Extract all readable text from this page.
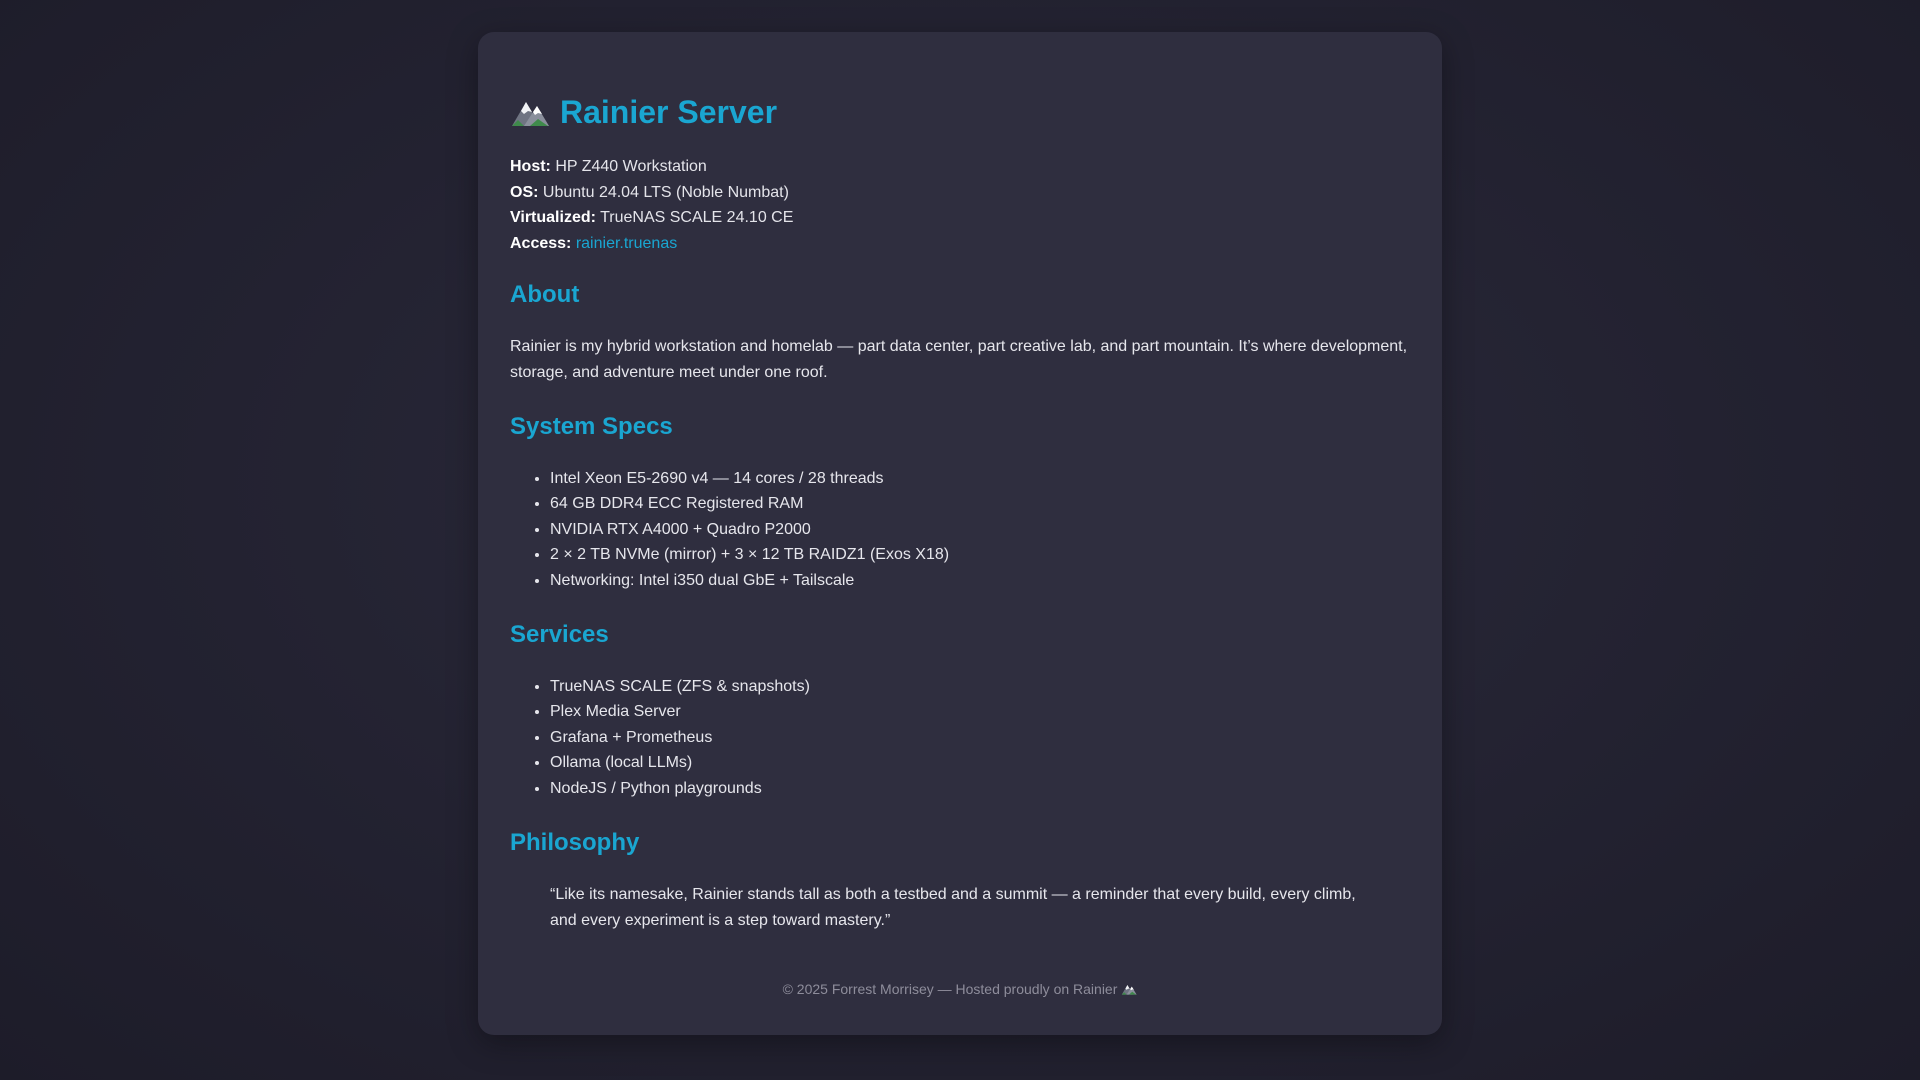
Rainier Server
Host: HP Z440 Workstation
OS: Ubuntu 24.04 LTS (Noble Numbat)
Virtualized: TrueNAS SCALE 24.10 CE
Access: rainier.truenas
About

Rainier is my hybrid workstation and homelab — part data center, part creative lab, and part mountain. It’s where development, storage, and adventure meet under one roof.

System Specs
• Intel Xeon E5-2690 v4 — 14 cores / 28 threads
• 64 GB DDR4 ECC Registered RAM
• NVIDIA RTX A4000 + Quadro P2000
• 2 × 2 TB NVMe (mirror) + 3 × 12 TB RAIDZ1 (Exos X18)
• Networking: Intel i350 dual GbE + Tailscale
Services
• TrueNAS SCALE (ZFS & snapshots)
• Plex Media Server
• Grafana + Prometheus
• Ollama (local LLMs)
• NodeJS / Python playgrounds
Philosophy
“Like its namesake, Rainier stands tall as both a testbed and a summit — a reminder that every build, every climb, and every experiment is a step toward mastery.”
© 2025 Forrest Morrisey — Hosted proudly on Rainier
